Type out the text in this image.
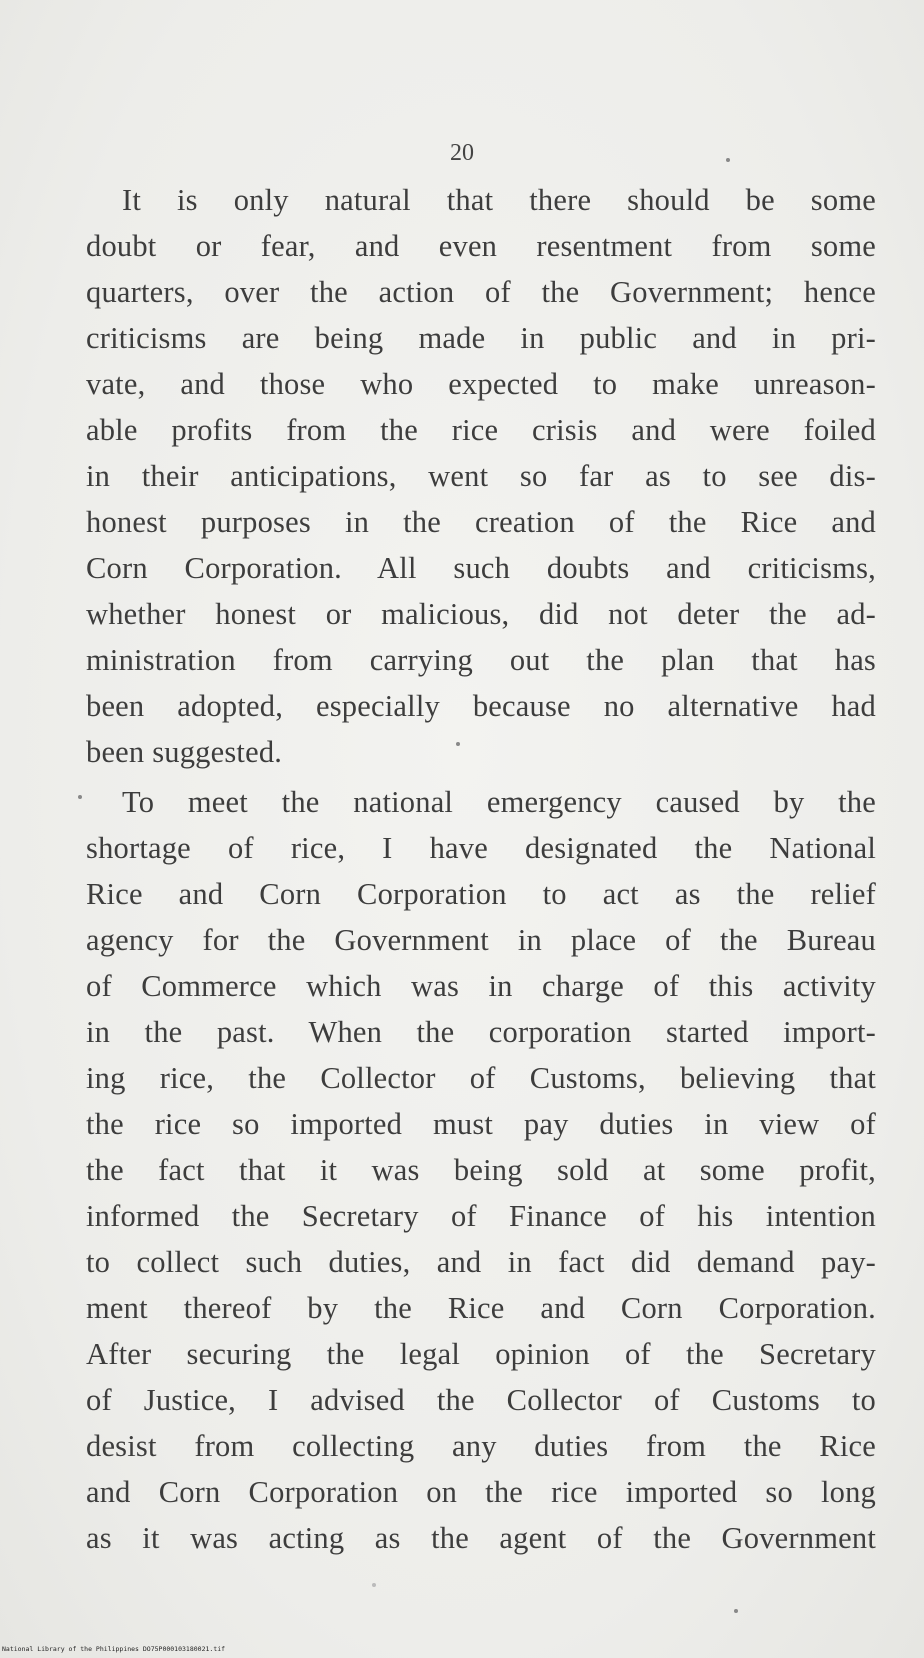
20
It is only natural that there should be some
doubt or fear, and even resentment from some
quarters, over the action of the Government; hence
criticisms are being made in public and in pri-
vate, and those who expected to make unreason-
able profits from the rice crisis and were foiled
in their anticipations, went so far as to see dis-
honest purposes in the creation of the Rice and
Corn Corporation. All such doubts and criticisms,
whether honest or malicious, did not deter the ad-
ministration from carrying out the plan that has
been adopted, especially because no alternative had
been suggested.
To meet the national emergency caused by the
shortage of rice, I have designated the National
Rice and Corn Corporation to act as the relief
agency for the Government in place of the Bureau
of Commerce which was in charge of this activity
in the past. When the corporation started import-
ing rice, the Collector of Customs, believing that
the rice so imported must pay duties in view of
the fact that it was being sold at some profit,
informed the Secretary of Finance of his intention
to collect such duties, and in fact did demand pay-
ment thereof by the Rice and Corn Corporation.
After securing the legal opinion of the Secretary
of Justice, I advised the Collector of Customs to
desist from collecting any duties from the Rice
and Corn Corporation on the rice imported so long
as it was acting as the agent of the Government
National Library of the Philippines DO75P000103180021.tif
